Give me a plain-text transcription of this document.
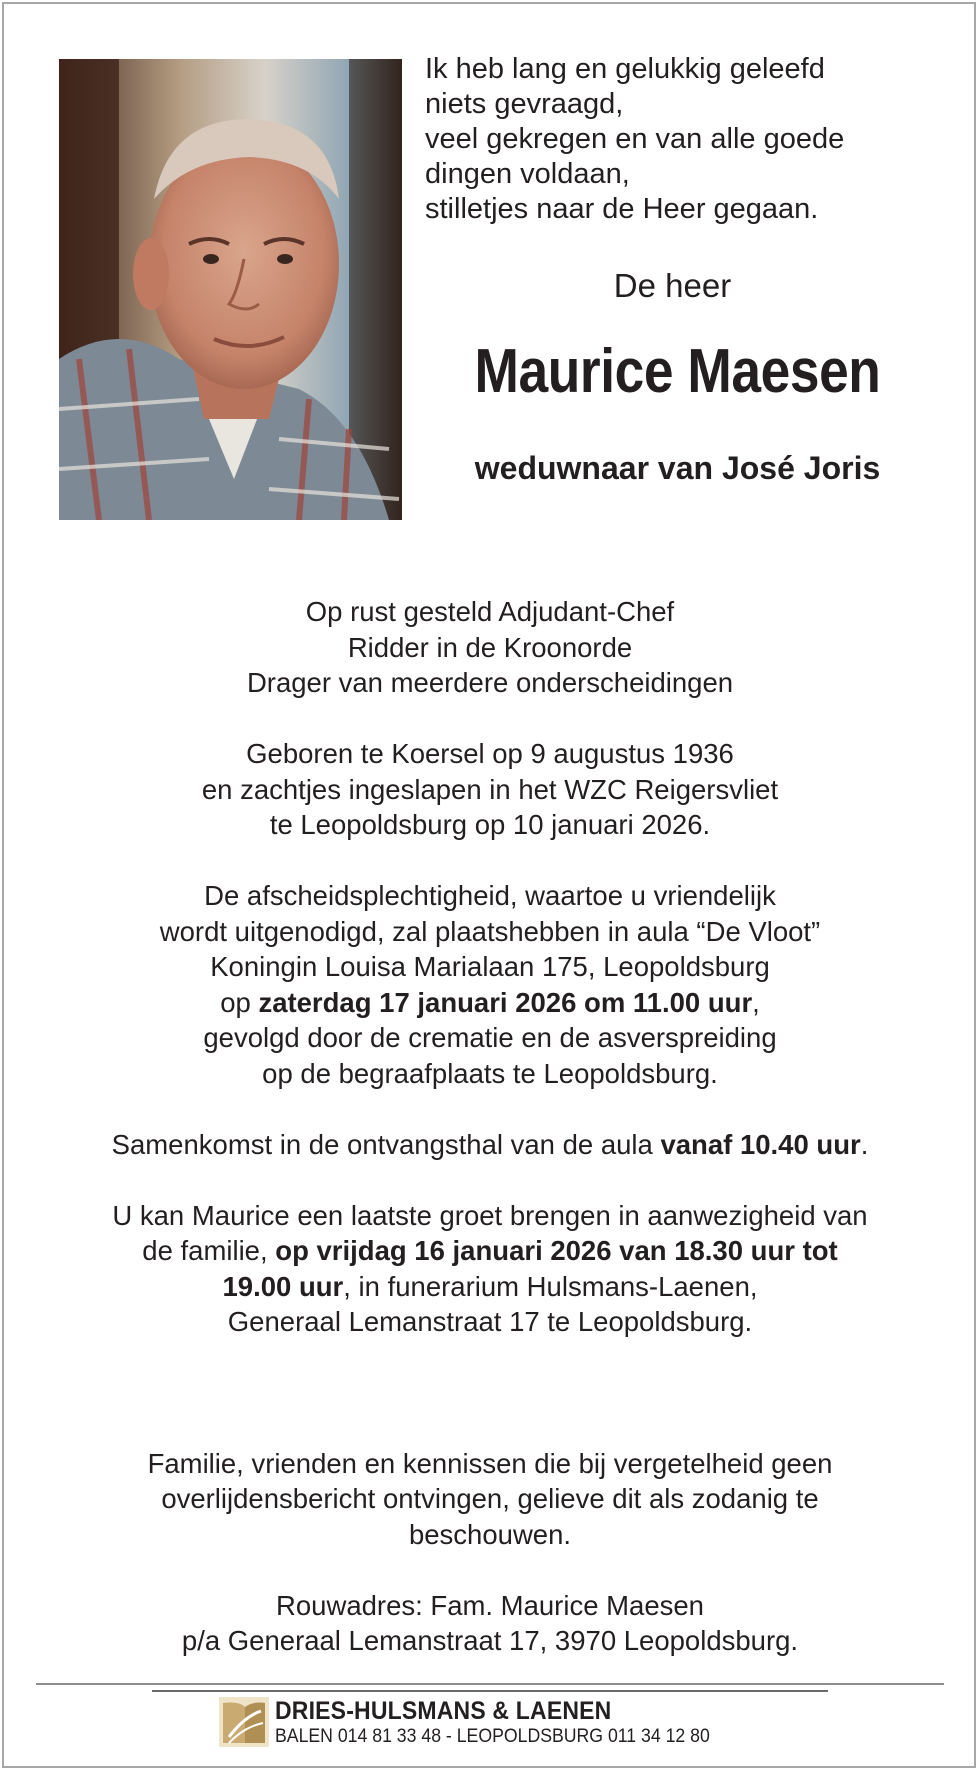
Ik heb lang en gelukkig geleefd
niets gevraagd,
veel gekregen en van alle goede
dingen voldaan,
stilletjes naar de Heer gegaan.
De heer
Maurice Maesen
weduwnaar van José Joris

Op rust gesteld Adjudant-Chef
Ridder in de Kroonorde
Drager van meerdere onderscheidingen

Geboren te Koersel op 9 augustus 1936
en zachtjes ingeslapen in het WZC Reigersvliet
te Leopoldsburg op 10 januari 2026.

De afscheidsplechtigheid, waartoe u vriendelijk
wordt uitgenodigd, zal plaatshebben in aula “De Vloot”
Koningin Louisa Marialaan 175, Leopoldsburg
op zaterdag 17 januari 2026 om 11.00 uur,
gevolgd door de crematie en de asverspreiding
op de begraafplaats te Leopoldsburg.

Samenkomst in de ontvangsthal van de aula vanaf 10.40 uur.

U kan Maurice een laatste groet brengen in aanwezigheid van
de familie, op vrijdag 16 januari 2026 van 18.30 uur tot
19.00 uur, in funerarium Hulsmans-Laenen,
Generaal Lemanstraat 17 te Leopoldsburg.

Familie, vrienden en kennissen die bij vergetelheid geen
overlijdensbericht ontvingen, gelieve dit als zodanig te
beschouwen.

Rouwadres: Fam. Maurice Maesen
p/a Generaal Lemanstraat 17, 3970 Leopoldsburg.

DRIES-HULSMANS & LAENEN
BALEN 014 81 33 48 - LEOPOLDSBURG 011 34 12 80
